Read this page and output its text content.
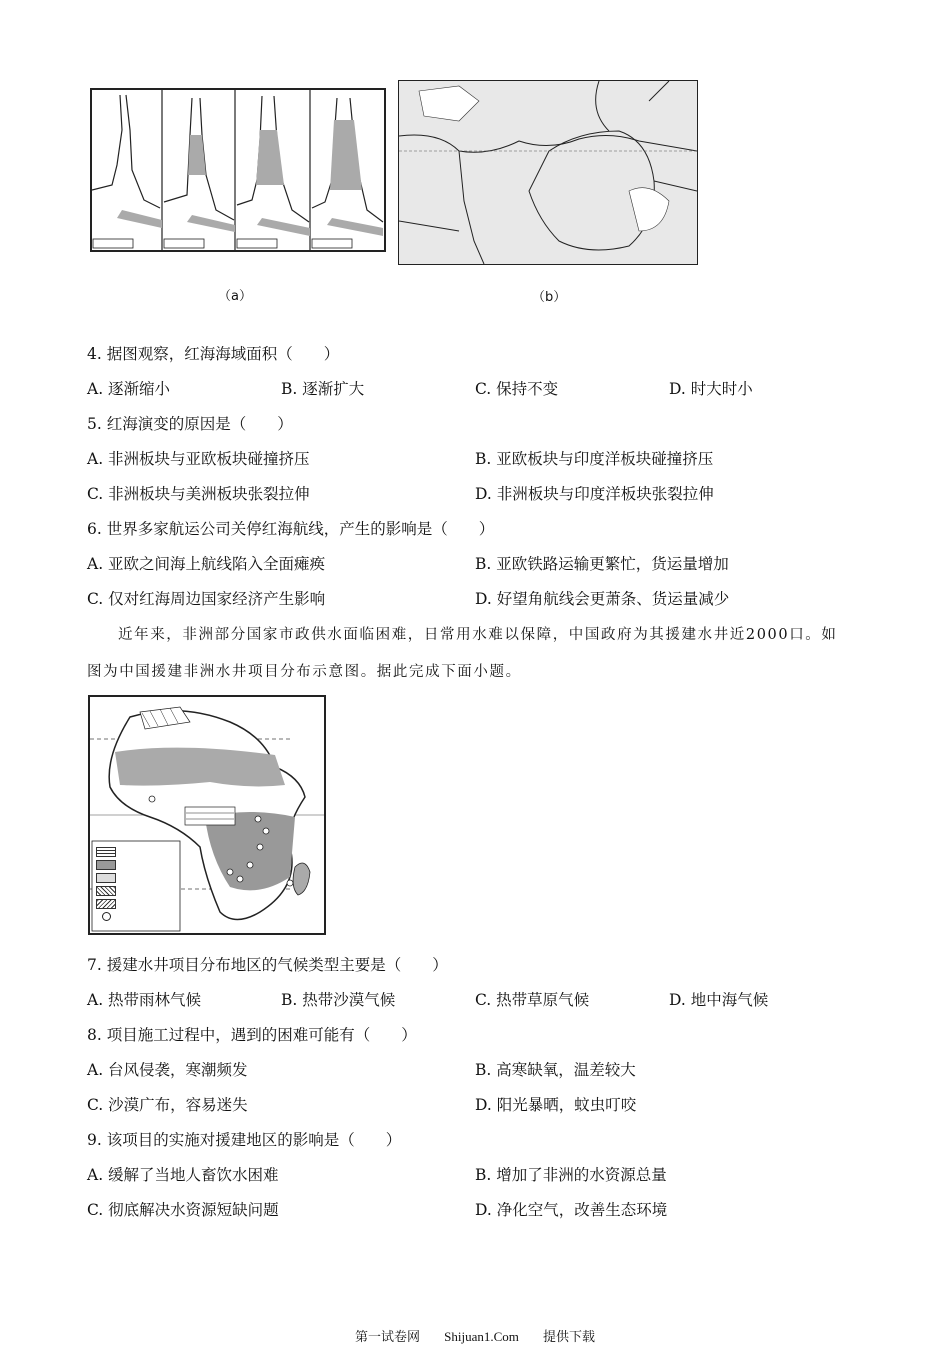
（a）	（b）
4. 据图观察，红海海域面积（　　）
A. 逐渐缩小	B. 逐渐扩大	C. 保持不变	D. 时大时小
5. 红海演变的原因是（　　）
A. 非洲板块与亚欧板块碰撞挤压	B. 亚欧板块与印度洋板块碰撞挤压
C. 非洲板块与美洲板块张裂拉伸	D. 非洲板块与印度洋板块张裂拉伸
6. 世界多家航运公司关停红海航线，产生的影响是（　　）
A. 亚欧之间海上航线陷入全面瘫痪	B. 亚欧铁路运输更繁忙，货运量增加
C. 仅对红海周边国家经济产生影响	D. 好望角航线会更萧条、货运量减少
近年来，非洲部分国家市政供水面临困难，日常用水难以保障，中国政府为其援建水井近2000口。如
图为中国援建非洲水井项目分布示意图。据此完成下面小题。
7. 援建水井项目分布地区的气候类型主要是（　　）
A. 热带雨林气候	B. 热带沙漠气候	C. 热带草原气候	D. 地中海气候
8. 项目施工过程中，遇到的困难可能有（　　）
A. 台风侵袭，寒潮频发	B. 高寒缺氧，温差较大
C. 沙漠广布，容易迷失	D. 阳光暴晒，蚊虫叮咬
9. 该项目的实施对援建地区的影响是（　　）
A. 缓解了当地人畜饮水困难	B. 增加了非洲的水资源总量
C. 彻底解决水资源短缺问题	D. 净化空气，改善生态环境
第一试卷网 Shijuan1.Com 提供下载
